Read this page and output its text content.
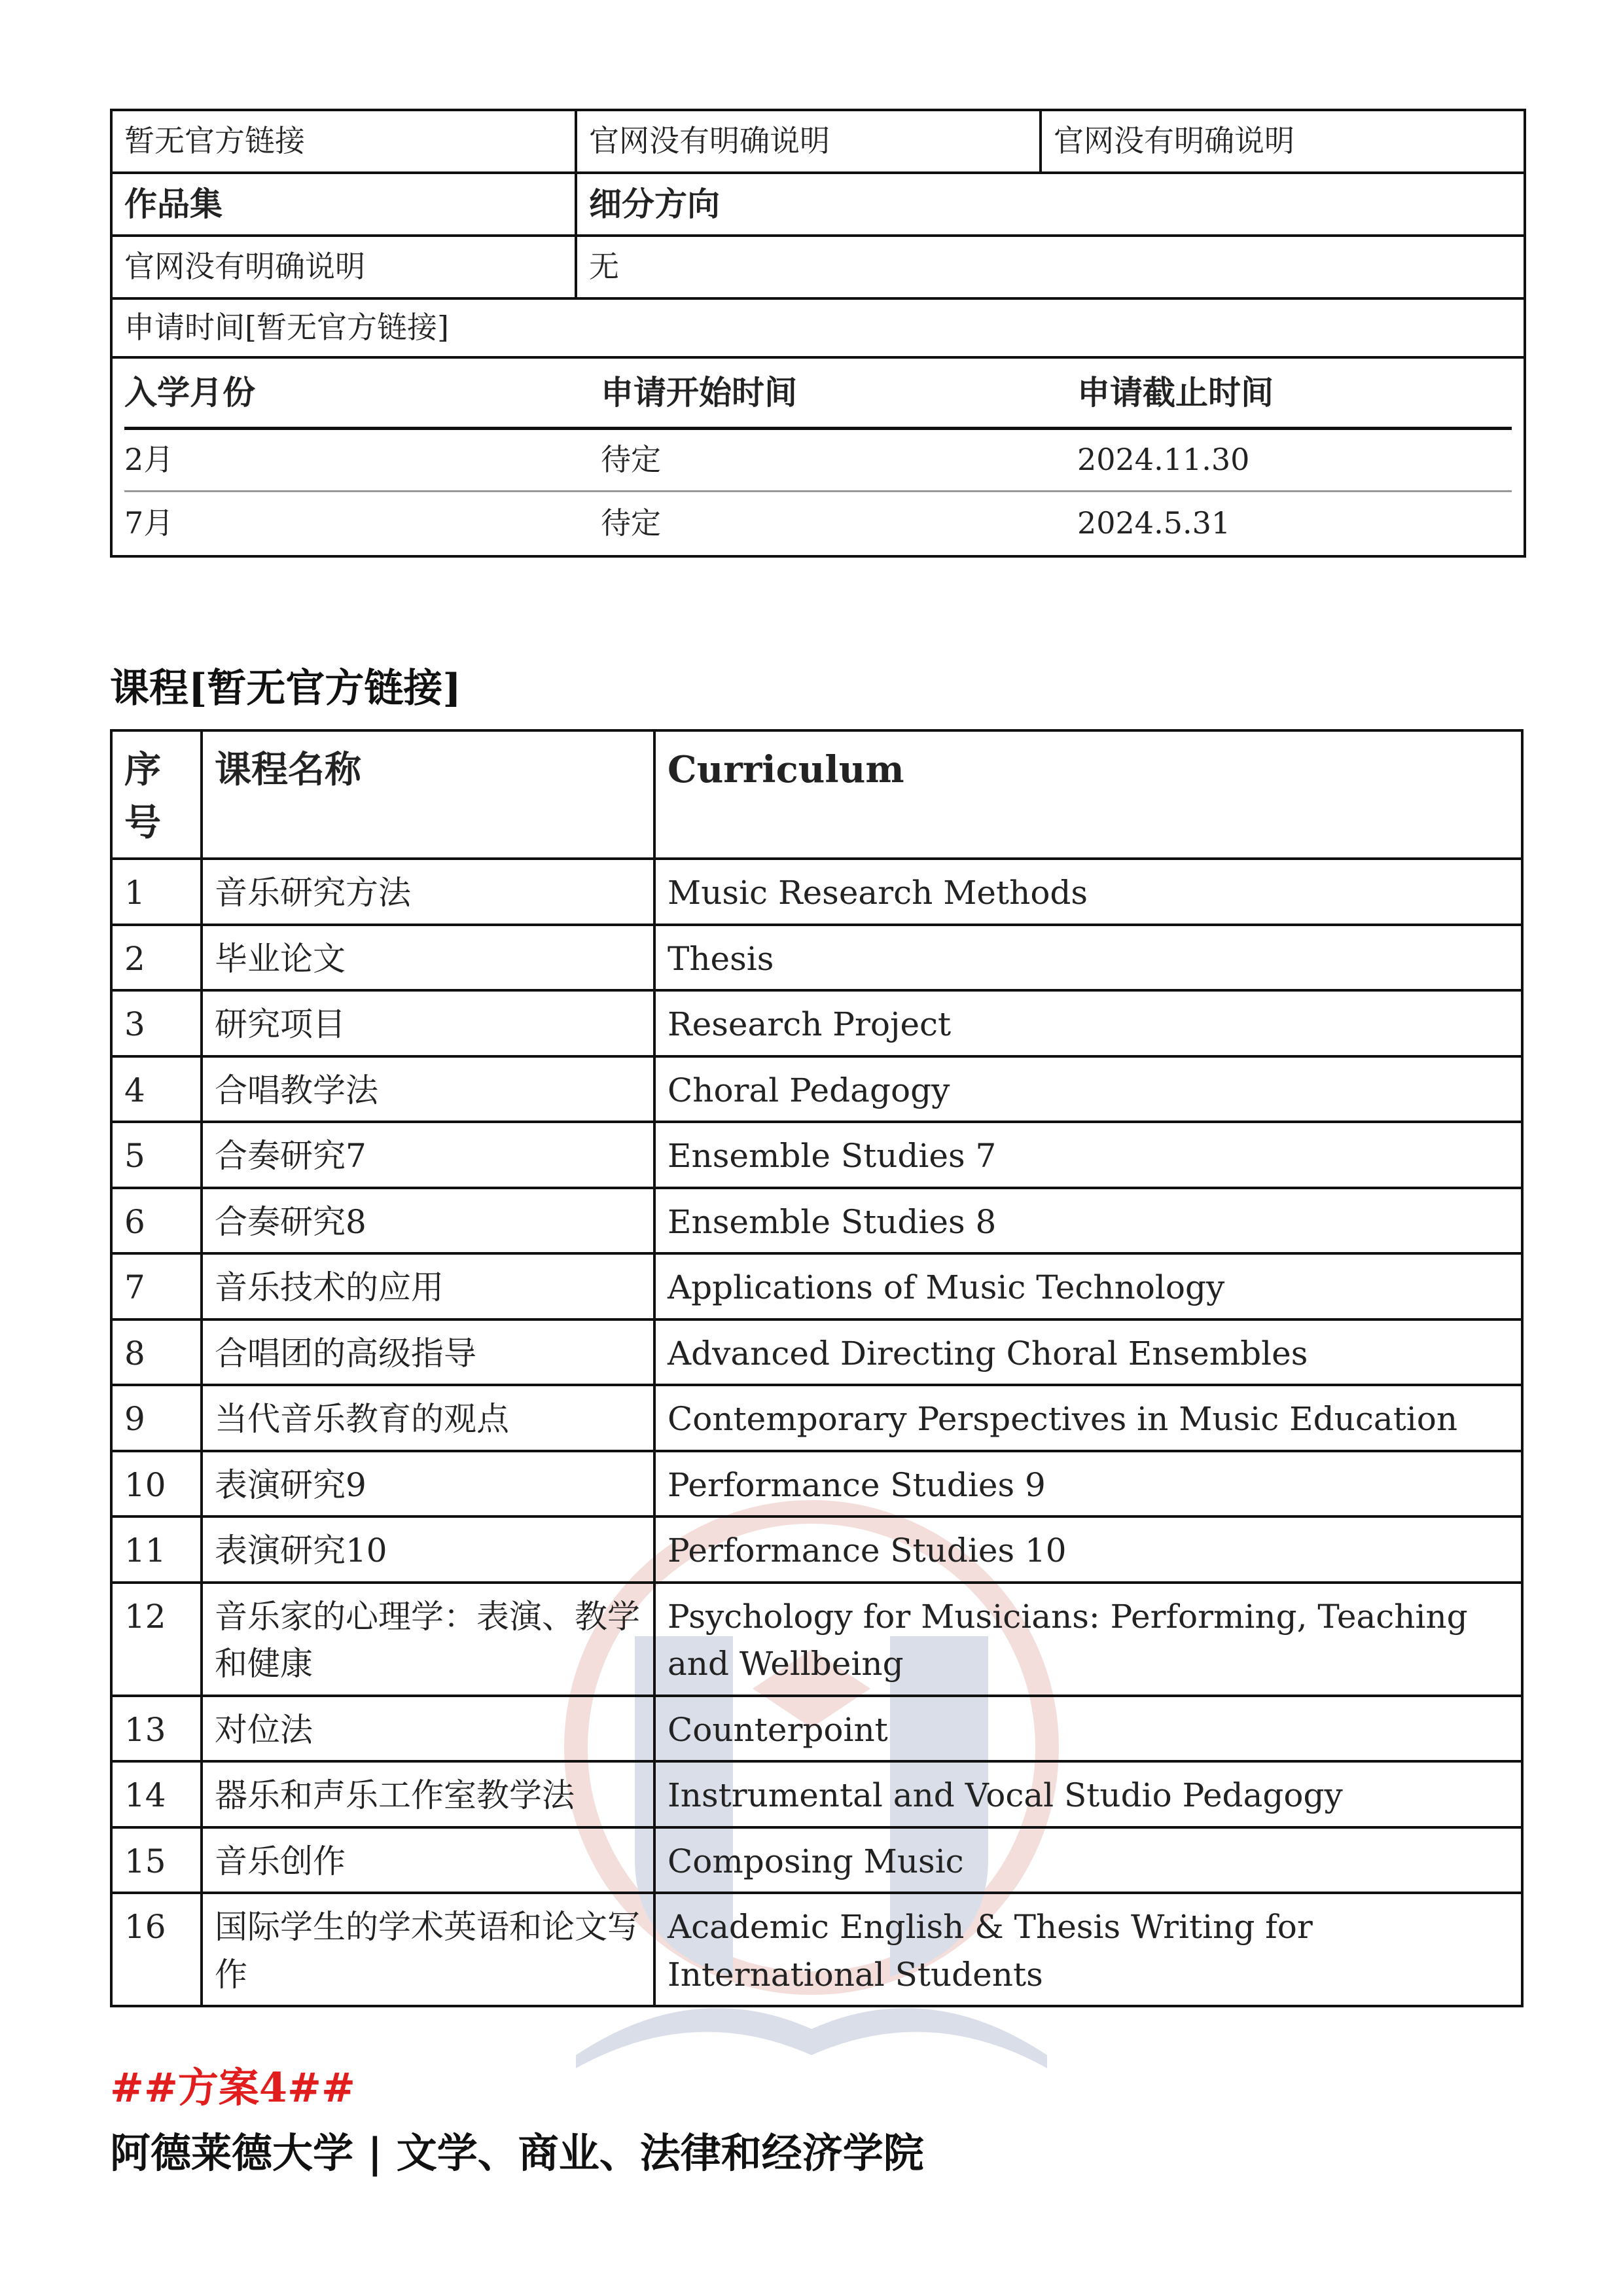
暂无官方链接	官网没有明确说明	官网没有明确说明
作品集	细分方向
官网没有明确说明	无
申请时间[暂无官方链接]

入学月份	申请开始时间	申请截止时间
2月	待定	2024.11.30
7月	待定	2024.5.31
课程[暂无官方链接]
序号	课程名称	Curriculum
1	音乐研究方法	Music Research Methods
2	毕业论文	Thesis
3	研究项目	Research Project
4	合唱教学法	Choral Pedagogy
5	合奏研究7	Ensemble Studies 7
6	合奏研究8	Ensemble Studies 8
7	音乐技术的应用	Applications of Music Technology
8	合唱团的高级指导	Advanced Directing Choral Ensembles
9	当代音乐教育的观点	Contemporary Perspectives in Music Education
10	表演研究9	Performance Studies 9
11	表演研究10	Performance Studies 10
12	音乐家的心理学：表演、教学和健康	Psychology for Musicians: Performing, Teaching and Wellbeing
13	对位法	Counterpoint
14	器乐和声乐工作室教学法	Instrumental and Vocal Studio Pedagogy
15	音乐创作	Composing Music
16	国际学生的学术英语和论文写作	Academic English & Thesis Writing for International Students
##方案4##
阿德莱德大学 | 文学、商业、法律和经济学院
